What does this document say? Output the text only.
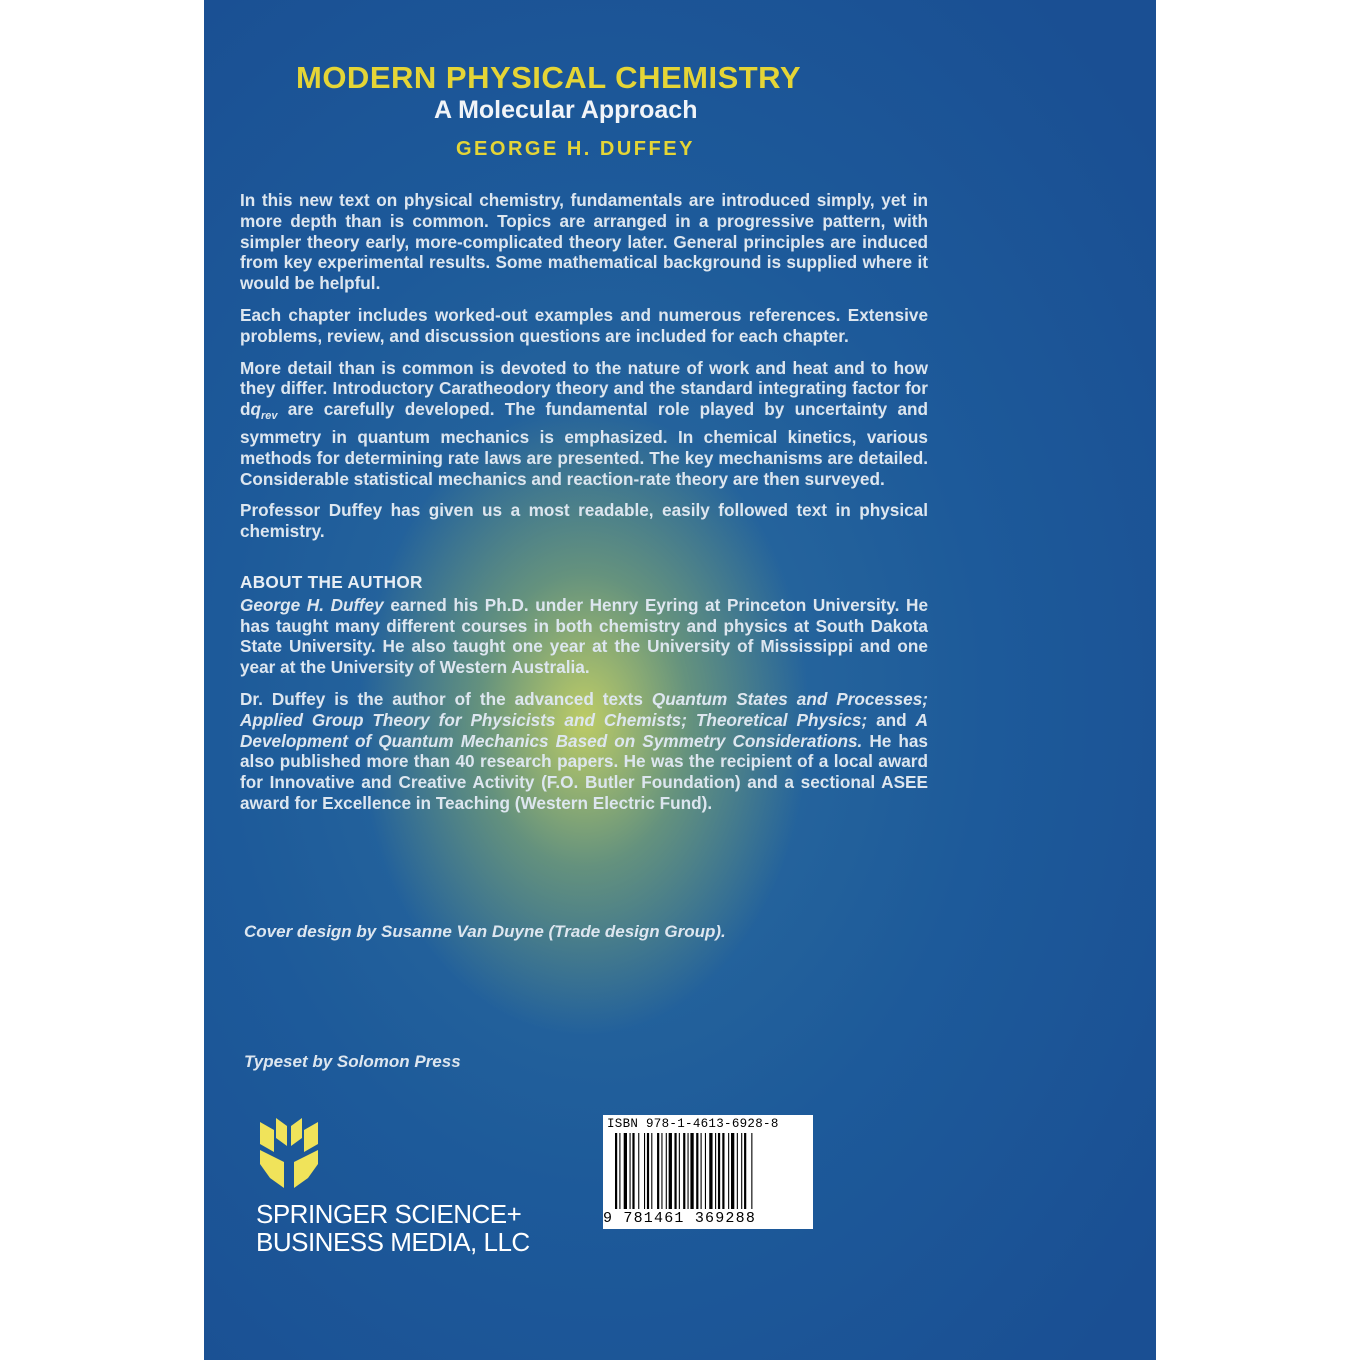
MODERN PHYSICAL CHEMISTRY
A Molecular Approach
GEORGE H. DUFFEY

In this new text on physical chemistry, fundamentals are introduced simply, yet in more depth than is common. Topics are arranged in a progressive pattern, with simpler theory early, more-complicated theory later. General principles are induced from key experimental results. Some mathematical background is supplied where it would be helpful.

Each chapter includes worked-out examples and numerous references. Extensive problems, review, and discussion questions are included for each chapter.

More detail than is common is devoted to the nature of work and heat and to how they differ. Introductory Caratheodory theory and the standard integrating factor for $dq_{rev}$ are carefully developed. The fundamental role played by uncertainty and symmetry in quantum mechanics is emphasized. In chemical kinetics, various methods for determining rate laws are presented. The key mechanisms are detailed. Considerable statistical mechanics and reaction-rate theory are then surveyed.

Professor Duffey has given us a most readable, easily followed text in physical chemistry.

ABOUT THE AUTHOR

George H. Duffey earned his Ph.D. under Henry Eyring at Princeton University. He has taught many different courses in both chemistry and physics at South Dakota State University. He also taught one year at the University of Mississippi and one year at the University of Western Australia.

Dr. Duffey is the author of the advanced texts Quantum States and Processes; Applied Group Theory for Physicists and Chemists; Theoretical Physics; and A Development of Quantum Mechanics Based on Symmetry Considerations. He has also published more than 40 research papers. He was the recipient of a local award for Innovative and Creative Activity (F.O. Butler Foundation) and a sectional ASEE award for Excellence in Teaching (Western Electric Fund).

Cover design by Susanne Van Duyne (Trade design Group).
Typeset by Solomon Press
SPRINGER SCIENCE+
BUSINESS MEDIA, LLC
ISBN 978-1-4613-6928-8
9 781461 369288
